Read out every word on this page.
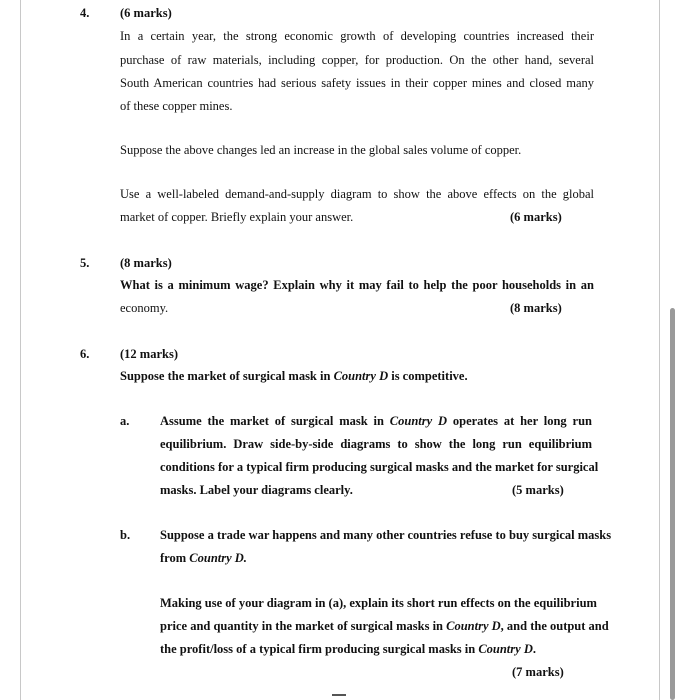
4. (6 marks)
In a certain year, the strong economic growth of developing countries increased their
purchase of raw materials, including copper, for production. On the other hand, several
South American countries had serious safety issues in their copper mines and closed many
of these copper mines.
Suppose the above changes led an increase in the global sales volume of copper.
Use a well-labeled demand-and-supply diagram to show the above effects on the global
market of copper. Briefly explain your answer.	(6 marks)
5. (8 marks)
What is a minimum wage? Explain why it may fail to help the poor households in an
economy.	(8 marks)
6. (12 marks)
Suppose the market of surgical mask in Country D is competitive.
a. Assume the market of surgical mask in Country D operates at her long run
equilibrium. Draw side-by-side diagrams to show the long run equilibrium
conditions for a typical firm producing surgical masks and the market for surgical
masks. Label your diagrams clearly.	(5 marks)
b. Suppose a trade war happens and many other countries refuse to buy surgical masks
from Country D.
Making use of your diagram in (a), explain its short run effects on the equilibrium
price and quantity in the market of surgical masks in Country D, and the output and
the profit/loss of a typical firm producing surgical masks in Country D.
(7 marks)
